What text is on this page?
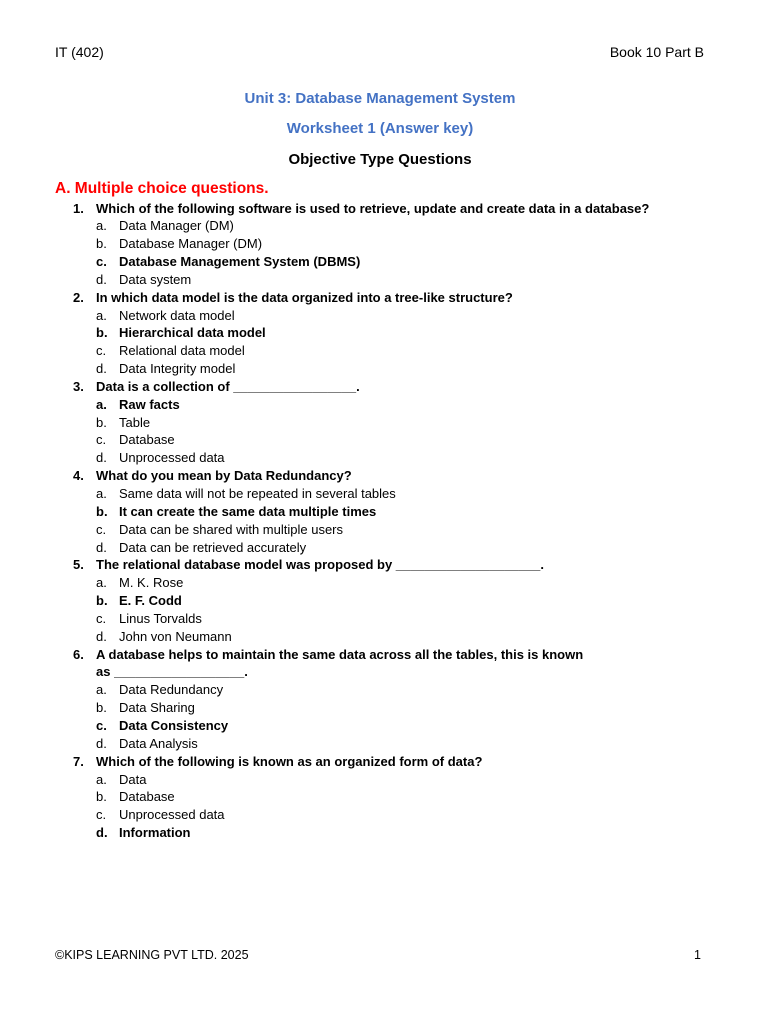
IT (402)	Book 10 Part B
Unit 3: Database Management System
Worksheet 1 (Answer key)
Objective Type Questions
A. Multiple choice questions.
1. Which of the following software is used to retrieve, update and create data in a database?
a. Data Manager (DM)
b. Database Manager (DM)
c. Database Management System (DBMS)
d. Data system
2. In which data model is the data organized into a tree-like structure?
a. Network data model
b. Hierarchical data model
c. Relational data model
d. Data Integrity model
3. Data is a collection of _________________.
a. Raw facts
b. Table
c. Database
d. Unprocessed data
4. What do you mean by Data Redundancy?
a. Same data will not be repeated in several tables
b. It can create the same data multiple times
c. Data can be shared with multiple users
d. Data can be retrieved accurately
5. The relational database model was proposed by ____________________.
a. M. K. Rose
b. E. F. Codd
c. Linus Torvalds
d. John von Neumann
6. A database helps to maintain the same data across all the tables, this is known
as __________________.
a. Data Redundancy
b. Data Sharing
c. Data Consistency
d. Data Analysis
7. Which of the following is known as an organized form of data?
a. Data
b. Database
c. Unprocessed data
d. Information
©KIPS LEARNING PVT LTD. 2025	1
